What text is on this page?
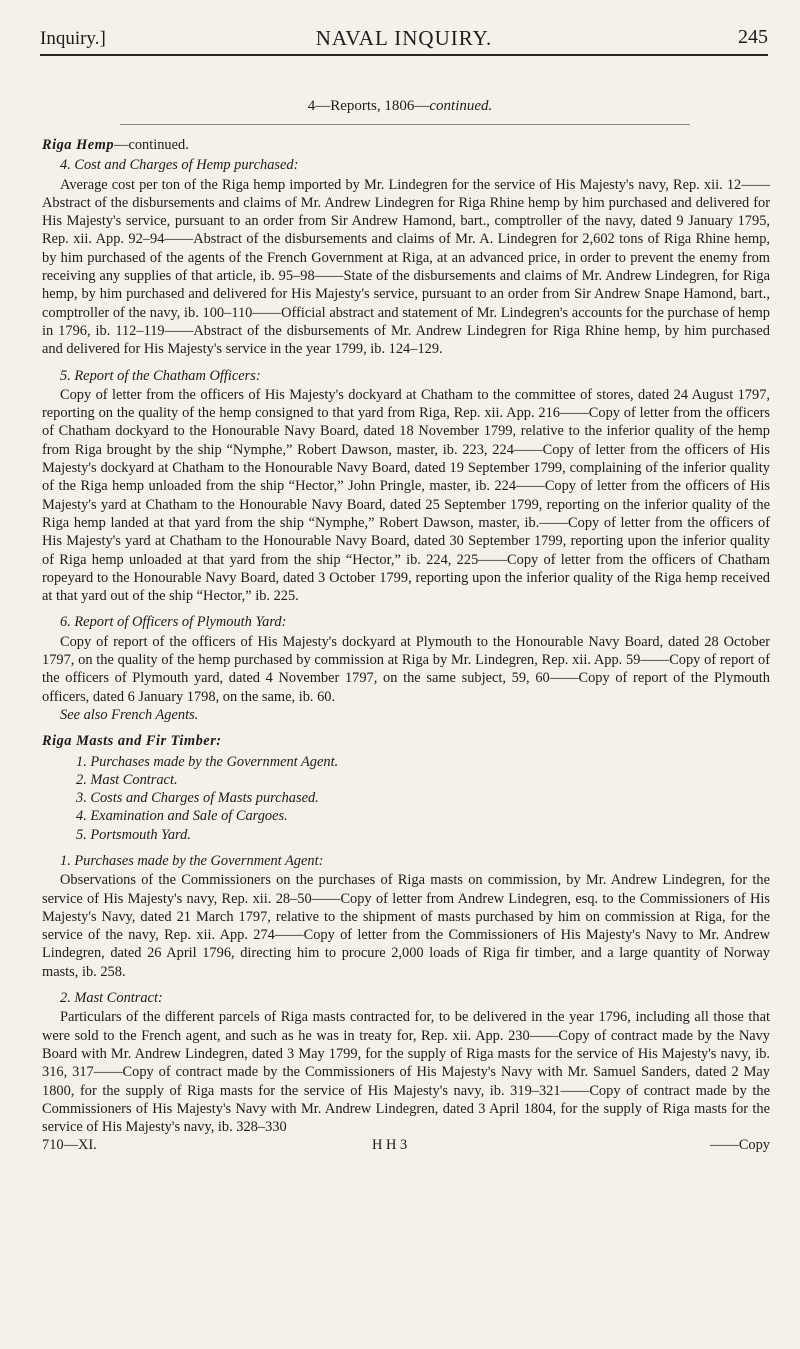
Inquiry.]	NAVAL INQUIRY.	245
4—Reports, 1806—continued.

Riga Hemp—continued.

4. Cost and Charges of Hemp purchased:

Average cost per ton of the Riga hemp imported by Mr. Lindegren for the service of His Majesty's navy, Rep. xii. 12——Abstract of the disbursements and claims of Mr. Andrew Lindegren for Riga Rhine hemp by him purchased and delivered for His Majesty's service, pursuant to an order from Sir Andrew Hamond, bart., comptroller of the navy, dated 9 January 1795, Rep. xii. App. 92–94——Abstract of the disbursements and claims of Mr. A. Lindegren for 2,602 tons of Riga Rhine hemp, by him purchased of the agents of the French Government at Riga, at an advanced price, in order to prevent the enemy from receiving any supplies of that article, ib. 95–98——State of the disbursements and claims of Mr. Andrew Lindegren, for Riga hemp, by him purchased and delivered for His Majesty's service, pursuant to an order from Sir Andrew Snape Hamond, bart., comptroller of the navy, ib. 100–110——Official abstract and statement of Mr. Lindegren's accounts for the purchase of hemp in 1796, ib. 112–119——Abstract of the disbursements of Mr. Andrew Lindegren for Riga Rhine hemp, by him purchased and delivered for His Majesty's service in the year 1799, ib. 124–129.

5. Report of the Chatham Officers:

Copy of letter from the officers of His Majesty's dockyard at Chatham to the committee of stores, dated 24 August 1797, reporting on the quality of the hemp consigned to that yard from Riga, Rep. xii. App. 216——Copy of letter from the officers of Chatham dockyard to the Honourable Navy Board, dated 18 November 1799, relative to the inferior quality of the hemp from Riga brought by the ship “Nymphe,” Robert Dawson, master, ib. 223, 224——Copy of letter from the officers of His Majesty's dockyard at Chatham to the Honourable Navy Board, dated 19 September 1799, complaining of the inferior quality of the Riga hemp unloaded from the ship “Hector,” John Pringle, master, ib. 224——Copy of letter from the officers of His Majesty's yard at Chatham to the Honourable Navy Board, dated 25 September 1799, reporting on the inferior quality of the Riga hemp landed at that yard from the ship “Nymphe,” Robert Dawson, master, ib.——Copy of letter from the officers of His Majesty's yard at Chatham to the Honourable Navy Board, dated 30 September 1799, reporting upon the inferior quality of Riga hemp unloaded at that yard from the ship “Hector,” ib. 224, 225——Copy of letter from the officers of Chatham ropeyard to the Honourable Navy Board, dated 3 October 1799, reporting upon the inferior quality of the Riga hemp received at that yard out of the ship “Hector,” ib. 225.

6. Report of Officers of Plymouth Yard:

Copy of report of the officers of His Majesty's dockyard at Plymouth to the Honourable Navy Board, dated 28 October 1797, on the quality of the hemp purchased by commission at Riga by Mr. Lindegren, Rep. xii. App. 59——Copy of report of the officers of Plymouth yard, dated 4 November 1797, on the same subject, 59, 60——Copy of report of the Plymouth officers, dated 6 January 1798, on the same, ib. 60.

See also French Agents.

Riga Masts and Fir Timber:

1. Purchases made by the Government Agent.
2. Mast Contract.
3. Costs and Charges of Masts purchased.
4. Examination and Sale of Cargoes.
5. Portsmouth Yard.

1. Purchases made by the Government Agent:

Observations of the Commissioners on the purchases of Riga masts on commission, by Mr. Andrew Lindegren, for the service of His Majesty's navy, Rep. xii. 28–50——Copy of letter from Andrew Lindegren, esq. to the Commissioners of His Majesty's Navy, dated 21 March 1797, relative to the shipment of masts purchased by him on commission at Riga, for the service of the navy, Rep. xii. App. 274——Copy of letter from the Commissioners of His Majesty's Navy to Mr. Andrew Lindegren, dated 26 April 1796, directing him to procure 2,000 loads of Riga fir timber, and a large quantity of Norway masts, ib. 258.

2. Mast Contract:

Particulars of the different parcels of Riga masts contracted for, to be delivered in the year 1796, including all those that were sold to the French agent, and such as he was in treaty for, Rep. xii. App. 230——Copy of contract made by the Navy Board with Mr. Andrew Lindegren, dated 3 May 1799, for the supply of Riga masts for the service of His Majesty's navy, ib. 316, 317——Copy of contract made by the Commissioners of His Majesty's Navy with Mr. Samuel Sanders, dated 2 May 1800, for the supply of Riga masts for the service of His Majesty's navy, ib. 319–321——Copy of contract made by the Commissioners of His Majesty's Navy with Mr. Andrew Lindegren, dated 3 April 1804, for the supply of Riga masts for the service of His Majesty's navy, ib. 328–330

710—XI.	H H 3	——Copy
